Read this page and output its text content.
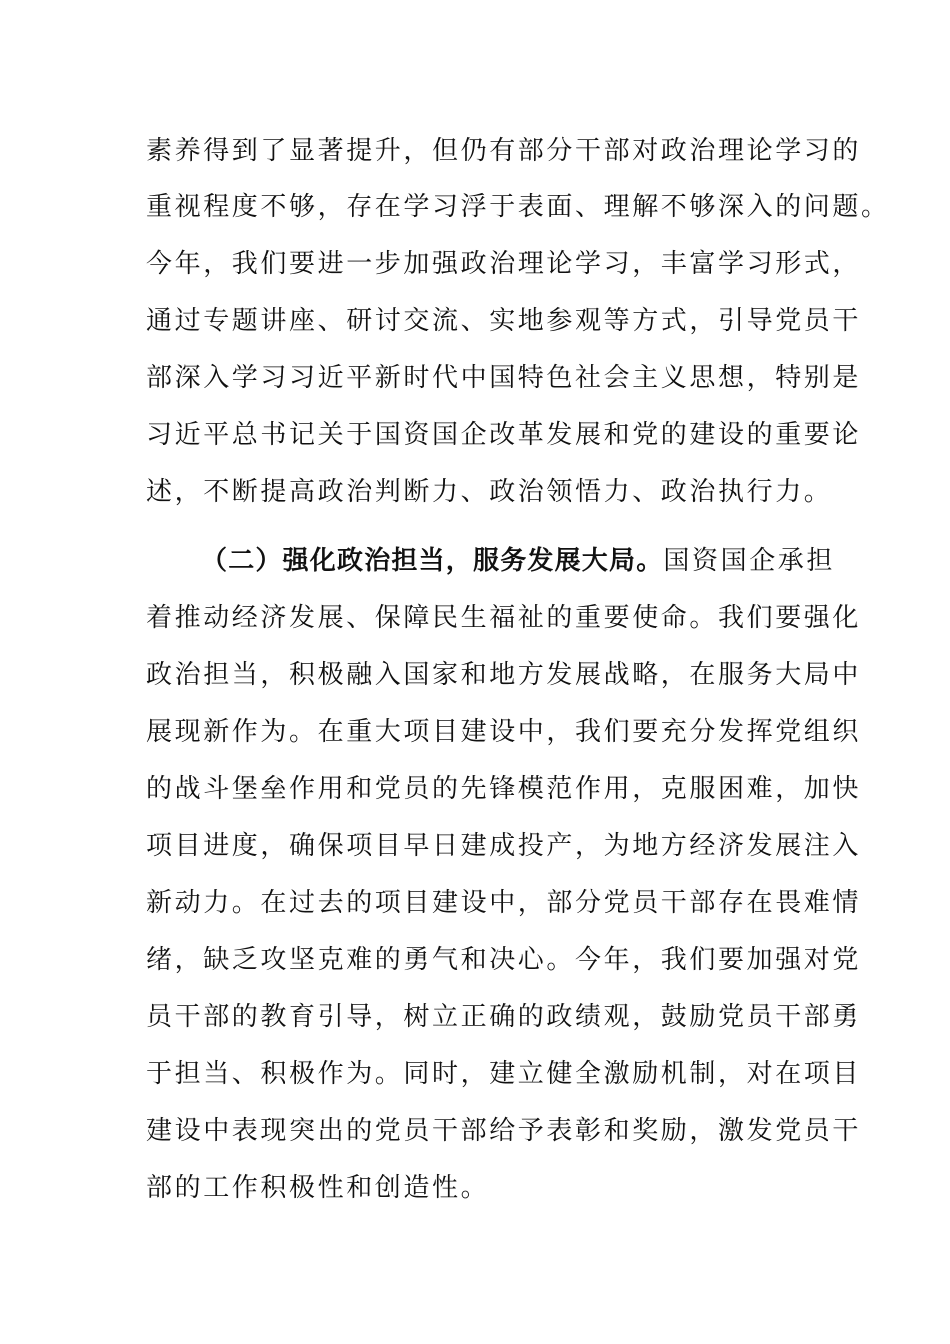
素养得到了显著提升，但仍有部分干部对政治理论学习的
重视程度不够，存在学习浮于表面、理解不够深入的问题。
今年，我们要进一步加强政治理论学习，丰富学习形式，
通过专题讲座、研讨交流、实地参观等方式，引导党员干
部深入学习习近平新时代中国特色社会主义思想，特别是
习近平总书记关于国资国企改革发展和党的建设的重要论
述，不断提高政治判断力、政治领悟力、政治执行力。
（二）强化政治担当，服务发展大局。国资国企承担
着推动经济发展、保障民生福祉的重要使命。我们要强化
政治担当，积极融入国家和地方发展战略，在服务大局中
展现新作为。在重大项目建设中，我们要充分发挥党组织
的战斗堡垒作用和党员的先锋模范作用，克服困难，加快
项目进度，确保项目早日建成投产，为地方经济发展注入
新动力。在过去的项目建设中，部分党员干部存在畏难情
绪，缺乏攻坚克难的勇气和决心。今年，我们要加强对党
员干部的教育引导，树立正确的政绩观，鼓励党员干部勇
于担当、积极作为。同时，建立健全激励机制，对在项目
建设中表现突出的党员干部给予表彰和奖励，激发党员干
部的工作积极性和创造性。
